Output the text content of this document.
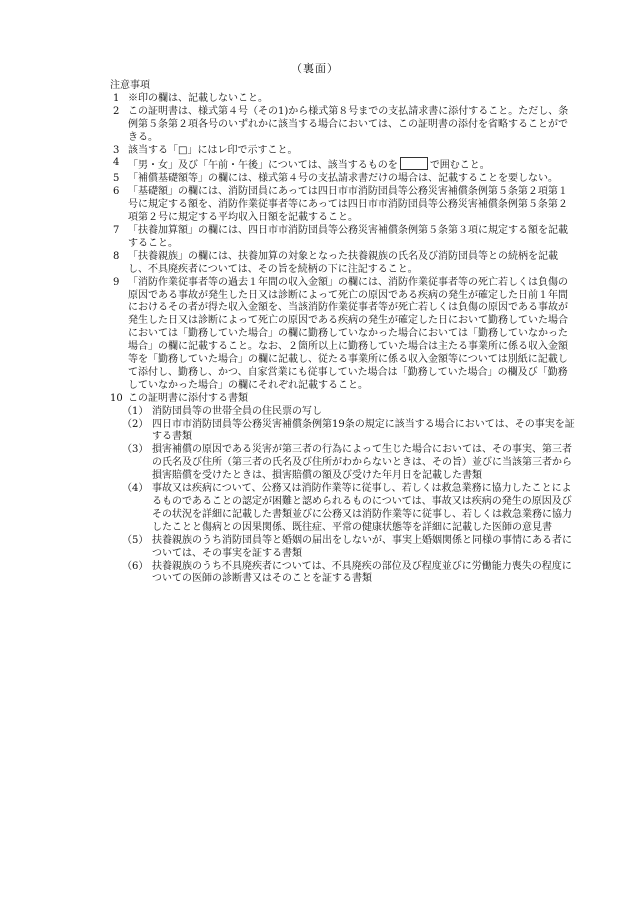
（裏面）
注意事項
1 ※印の欄は、記載しないこと。
2 この証明書は、様式第４号（その1)から様式第８号までの支払請求書に添付すること。ただし、条例第５条第２項各号のいずれかに該当する場合においては、この証明書の添付を省略することができる。
3 該当する「□」にはレ印で示すこと。
4 「男・女」及び「午前・午後」については、該当するものを	で囲むこと。
5 「補償基礎額等」の欄には、様式第４号の支払請求書だけの場合は、記載することを要しない。
6 「基礎額」の欄には、消防団員にあっては四日市市消防団員等公務災害補償条例第５条第２項第１号に規定する額を、消防作業従事者等にあっては四日市市消防団員等公務災害補償条例第５条第２項第２号に規定する平均収入日額を記載すること。
7 「扶養加算額」の欄には、四日市市消防団員等公務災害補償条例第５条第３項に規定する額を記載すること。
8 「扶養親族」の欄には、扶養加算の対象となった扶養親族の氏名及び消防団員等との続柄を記載し、不具廃疾者については、その旨を続柄の下に注記すること。
9 「消防作業従事者等の過去１年間の収入金額」の欄には、消防作業従事者等の死亡若しくは負傷の原因である事故が発生した日又は診断によって死亡の原因である疾病の発生が確定した日前１年間におけるその者が得た収入金額を、当該消防作業従事者等が死亡若しくは負傷の原因である事故が発生した日又は診断によって死亡の原因である疾病の発生が確定した日において勤務していた場合においては「勤務していた場合」の欄に勤務していなかった場合においては「勤務していなかった場合」の欄に記載すること。なお、２箇所以上に勤務していた場合は主たる事業所に係る収入金額等を「勤務していた場合」の欄に記載し、従たる事業所に係る収入金額等については別紙に記載して添付し、勤務し、かつ、自家営業にも従事していた場合は「勤務していた場合」の欄及び「勤務していなかった場合」の欄にそれぞれ記載すること。
10 この証明書に添付する書類
（1） 消防団員等の世帯全員の住民票の写し
（2） 四日市市消防団員等公務災害補償条例第19条の規定に該当する場合においては、その事実を証する書類
（3） 損害補償の原因である災害が第三者の行為によって生じた場合においては、その事実、第三者の氏名及び住所（第三者の氏名及び住所がわからないときは、その旨）並びに当該第三者から損害賠償を受けたときは、損害賠償の額及び受けた年月日を記載した書類
（4） 事故又は疾病について、公務又は消防作業等に従事し、若しくは救急業務に協力したことによるものであることの認定が困難と認められるものについては、事故又は疾病の発生の原因及びその状況を詳細に記載した書類並びに公務又は消防作業等に従事し、若しくは救急業務に協力したことと傷病との因果関係、既往症、平常の健康状態等を詳細に記載した医師の意見書
（5） 扶養親族のうち消防団員等と婚姻の届出をしないが、事実上婚姻関係と同様の事情にある者については、その事実を証する書類
（6） 扶養親族のうち不具廃疾者については、不具廃疾の部位及び程度並びに労働能力喪失の程度についての医師の診断書又はそのことを証する書類
